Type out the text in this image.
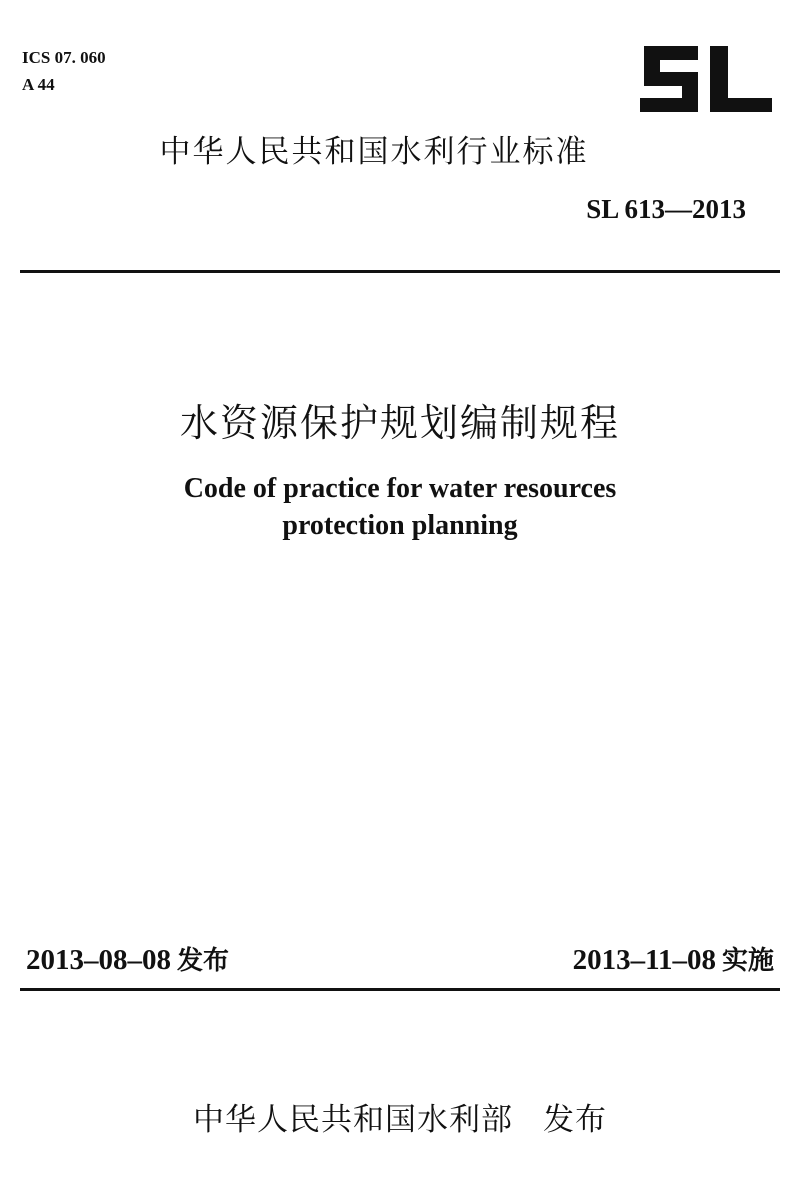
ICS 07. 060
A 44
中华人民共和国水利行业标准
SL 613—2013
水资源保护规划编制规程
Code of practice for water resources
protection planning
2013–08–08 发布	2013–11–08 实施
中华人民共和国水利部 发布
